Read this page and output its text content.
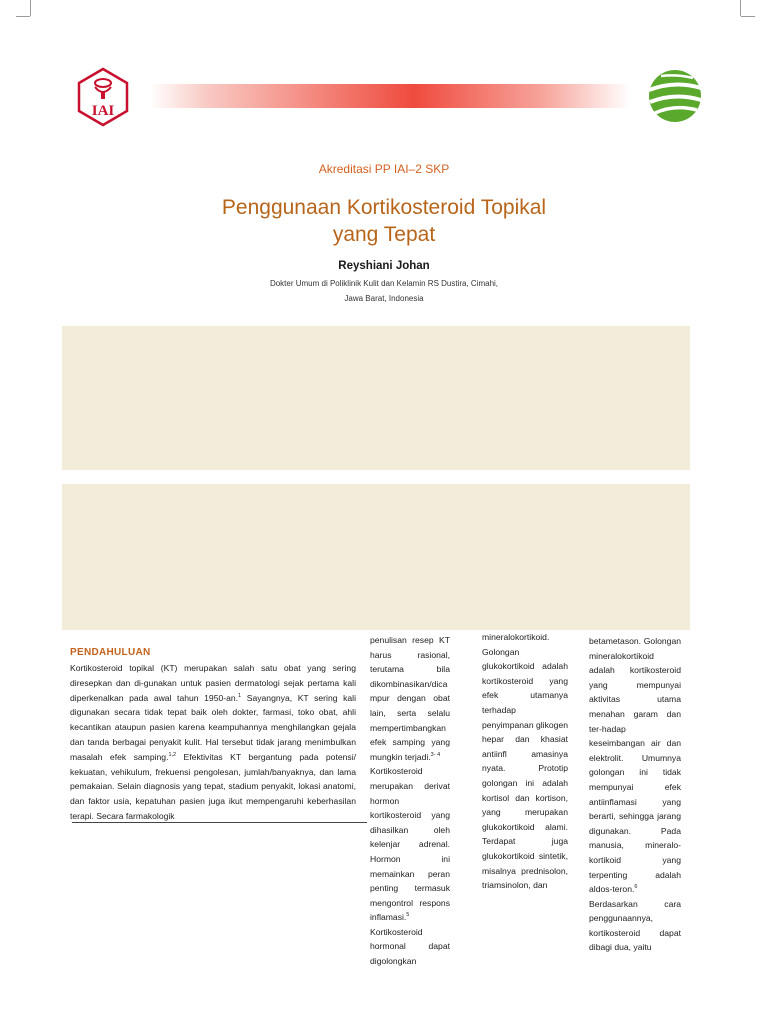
IAI
Akreditasi PP IAI–2 SKP
Penggunaan Kortikosteroid Topikal
yang Tepat
Reyshiani Johan
Dokter Umum di Poliklinik Kulit dan Kelamin RS Dustira, Cimahi,
Jawa Barat, Indonesia
PENDAHULUAN
Kortikosteroid topikal (KT) merupakan salah satu obat yang sering diresepkan dan di-gunakan untuk pasien dermatologi sejak pertama kali diperkenalkan pada awal tahun 1950-an.$^1$ Sayangnya, KT sering kali digunakan secara tidak tepat baik oleh dokter, farmasi, toko obat, ahli kecantikan ataupun pasien karena keampuhannya menghilangkan gejala dan tanda berbagai penyakit kulit. Hal tersebut tidak jarang menimbulkan masalah efek samping.$^{1,2}$ Efektivitas KT bergantung pada potensi/ kekuatan, vehikulum, frekuensi pengolesan, jumlah/banyaknya, dan lama pemakaian. Selain diagnosis yang tepat, stadium penyakit, lokasi anatomi, dan faktor usia, kepatuhan pasien juga ikut mempengaruhi keberhasilan terapi. Secara farmakologik

penulisan resep KT harus rasional, terutama bila dikombinasikan/dica mpur dengan obat lain, serta selalu mempertimbangkan efek samping yang mungkin terjadi.$^{3- 4}$

Kortikosteroid merupakan derivat hormon kortikosteroid yang dihasilkan oleh kelenjar adrenal. Hormon ini memainkan peran penting termasuk mengontrol respons inflamasi.$^5$ Kortikosteroid hormonal dapat digolongkan

mineralokortikoid. Golongan glukokortikoid adalah kortikosteroid yang efek utamanya terhadap penyimpanan glikogen hepar dan khasiat antiinfl amasinya nyata. Prototip golongan ini adalah kortisol dan kortison, yang merupakan glukokortikoid alami. Terdapat juga glukokortikoid sintetik, misalnya prednisolon, triamsinolon, dan

betametason. Golongan mineralokortikoid adalah kortikosteroid yang mempunyai aktivitas utama menahan garam dan ter-hadap keseimbangan air dan elektrolit. Umumnya golongan ini tidak mempunyai efek antiinflamasi yang berarti, sehingga jarang digunakan. Pada manusia, mineralo-kortikoid yang terpenting adalah aldos-teron.$^6$

Berdasarkan cara penggunaannya, kortikosteroid dapat dibagi dua, yaitu
